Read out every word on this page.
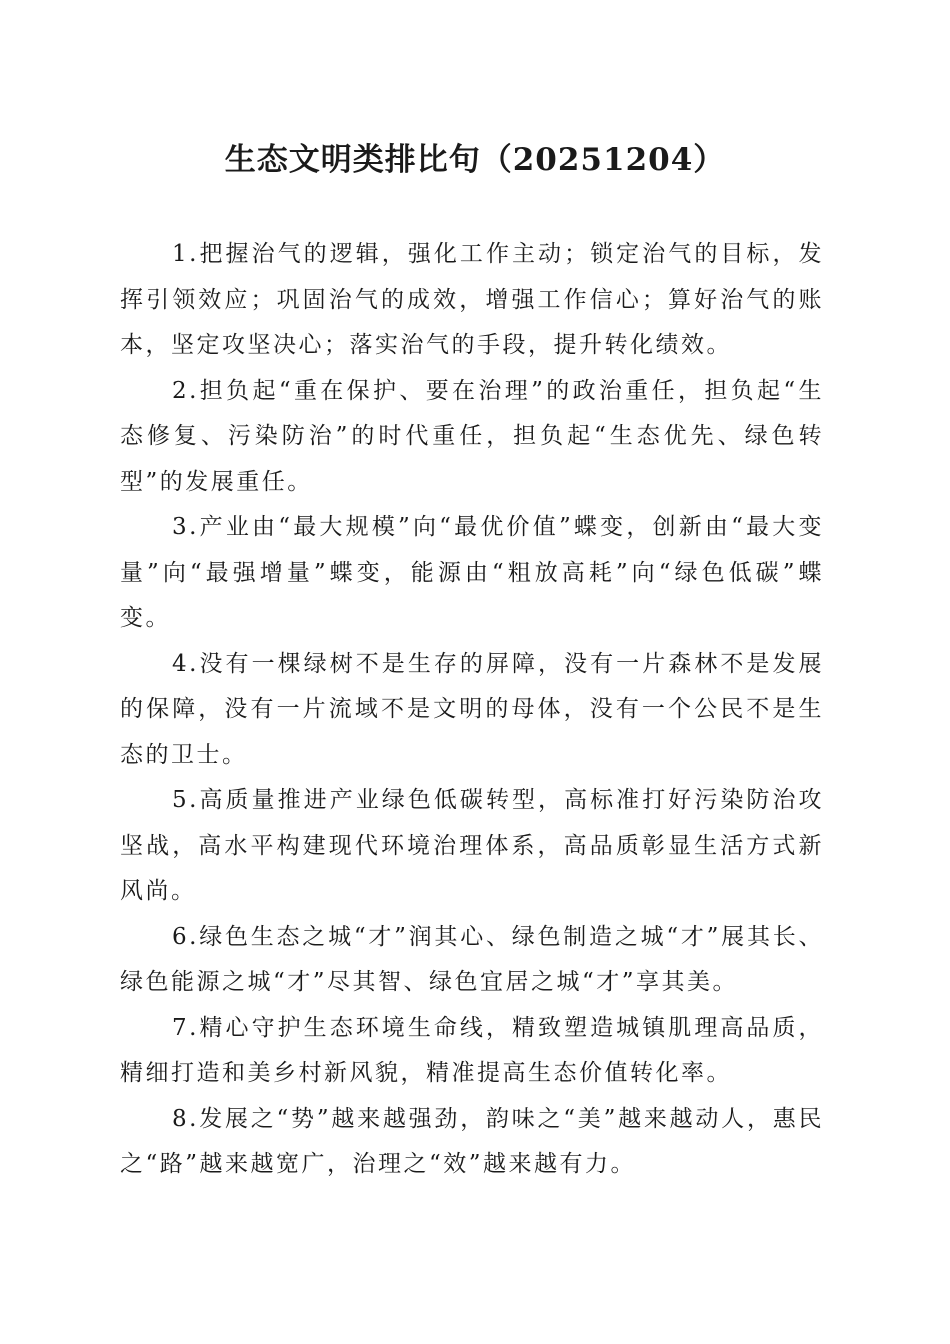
生态文明类排比句（20251204）

1.把握治气的逻辑，强化工作主动；锁定治气的目标，发挥引领效应；巩固治气的成效，增强工作信心；算好治气的账本，坚定攻坚决心；落实治气的手段，提升转化绩效。

2.担负起“重在保护、要在治理”的政治重任，担负起“生态修复、污染防治”的时代重任，担负起“生态优先、绿色转型”的发展重任。

3.产业由“最大规模”向“最优价值”蝶变，创新由“最大变量”向“最强增量”蝶变，能源由“粗放高耗”向“绿色低碳”蝶变。

4.没有一棵绿树不是生存的屏障，没有一片森林不是发展的保障，没有一片流域不是文明的母体，没有一个公民不是生态的卫士。

5.高质量推进产业绿色低碳转型，高标准打好污染防治攻坚战，高水平构建现代环境治理体系，高品质彰显生活方式新风尚。

6.绿色生态之城“才”润其心、绿色制造之城“才”展其长、绿色能源之城“才”尽其智、绿色宜居之城“才”享其美。

7.精心守护生态环境生命线，精致塑造城镇肌理高品质，精细打造和美乡村新风貌，精准提高生态价值转化率。

8.发展之“势”越来越强劲，韵味之“美”越来越动人，惠民之“路”越来越宽广，治理之“效”越来越有力。
